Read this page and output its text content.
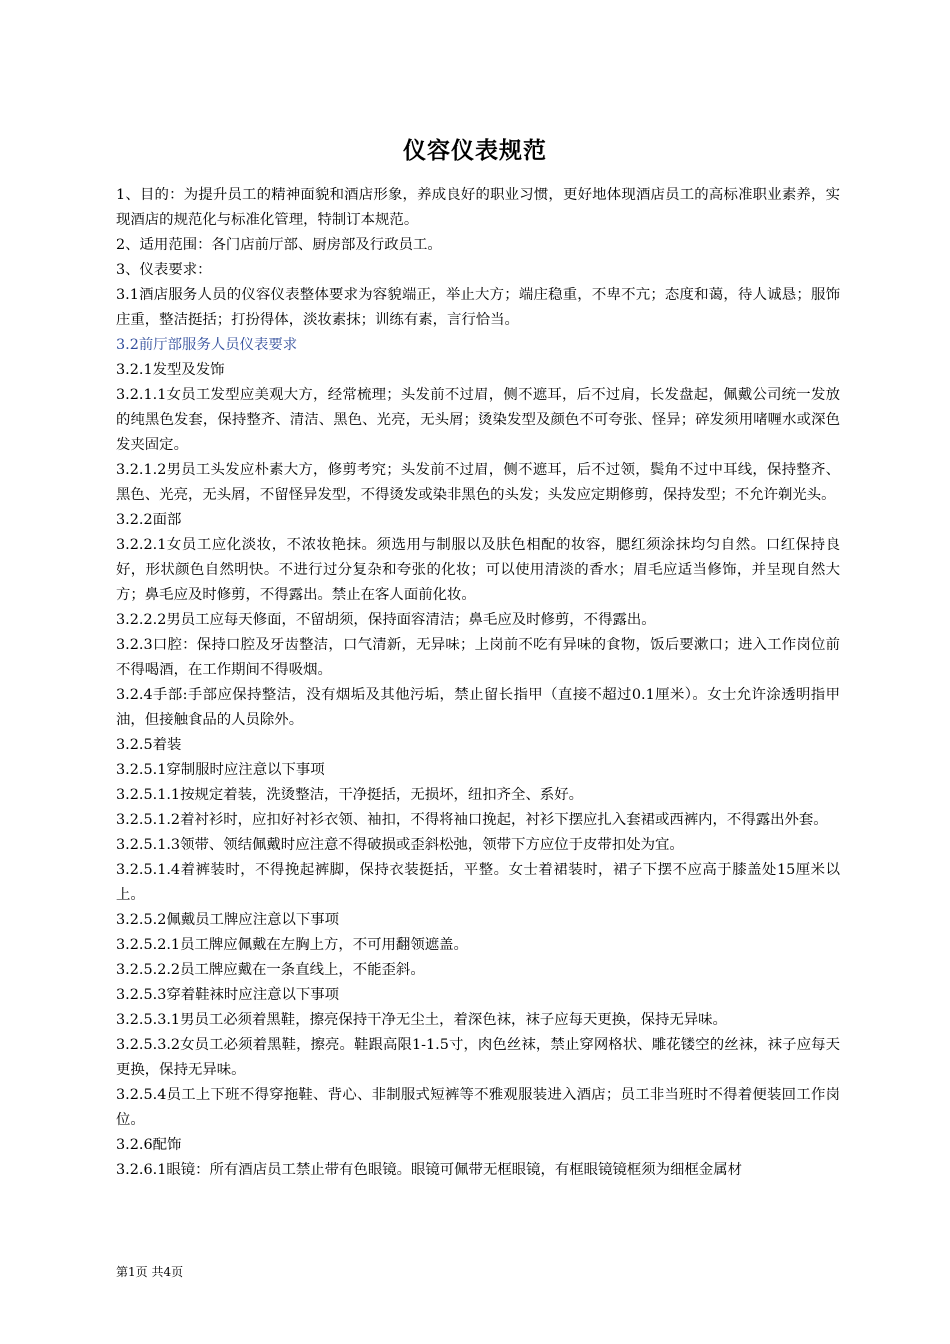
仪容仪表规范

1、目的：为提升员工的精神面貌和酒店形象，养成良好的职业习惯，更好地体现酒店员工的高标准职业素养，实现酒店的规范化与标准化管理，特制订本规范。

2、适用范围：各门店前厅部、厨房部及行政员工。

3、仪表要求：

3.1酒店服务人员的仪容仪表整体要求为容貌端正，举止大方；端庄稳重，不卑不亢；态度和蔼，待人诚恳；服饰庄重，整洁挺括；打扮得体，淡妆素抹；训练有素，言行恰当。

3.2前厅部服务人员仪表要求

3.2.1发型及发饰

3.2.1.1女员工发型应美观大方，经常梳理；头发前不过眉，侧不遮耳，后不过肩，长发盘起，佩戴公司统一发放的纯黑色发套，保持整齐、清洁、黑色、光亮，无头屑；烫染发型及颜色不可夸张、怪异；碎发须用啫喱水或深色发夹固定。

3.2.1.2男员工头发应朴素大方，修剪考究；头发前不过眉，侧不遮耳，后不过领，鬓角不过中耳线，保持整齐、黑色、光亮，无头屑，不留怪异发型，不得烫发或染非黑色的头发；头发应定期修剪，保持发型；不允许剃光头。

3.2.2面部

3.2.2.1女员工应化淡妆，不浓妆艳抹。须选用与制服以及肤色相配的妆容，腮红须涂抹均匀自然。口红保持良好，形状颜色自然明快。不进行过分复杂和夸张的化妆；可以使用清淡的香水；眉毛应适当修饰，并呈现自然大方；鼻毛应及时修剪，不得露出。禁止在客人面前化妆。

3.2.2.2男员工应每天修面，不留胡须，保持面容清洁；鼻毛应及时修剪，不得露出。

3.2.3口腔：保持口腔及牙齿整洁，口气清新，无异味；上岗前不吃有异味的食物，饭后要漱口；进入工作岗位前不得喝酒，在工作期间不得吸烟。

3.2.4手部:手部应保持整洁，没有烟垢及其他污垢，禁止留长指甲（直接不超过0.1厘米）。女士允许涂透明指甲油，但接触食品的人员除外。

3.2.5着装

3.2.5.1穿制服时应注意以下事项

3.2.5.1.1按规定着装，洗烫整洁，干净挺括，无损坏，纽扣齐全、系好。

3.2.5.1.2着衬衫时，应扣好衬衫衣领、袖扣，不得将袖口挽起，衬衫下摆应扎入套裙或西裤内，不得露出外套。

3.2.5.1.3领带、领结佩戴时应注意不得破损或歪斜松弛，领带下方应位于皮带扣处为宜。

3.2.5.1.4着裤装时，不得挽起裤脚，保持衣装挺括，平整。女士着裙装时，裙子下摆不应高于膝盖处15厘米以上。

3.2.5.2佩戴员工牌应注意以下事项

3.2.5.2.1员工牌应佩戴在左胸上方，不可用翻领遮盖。

3.2.5.2.2员工牌应戴在一条直线上，不能歪斜。

3.2.5.3穿着鞋袜时应注意以下事项

3.2.5.3.1男员工必须着黑鞋，擦亮保持干净无尘土，着深色袜，袜子应每天更换，保持无异味。

3.2.5.3.2女员工必须着黑鞋，擦亮。鞋跟高限1-1.5寸，肉色丝袜，禁止穿网格状、雕花镂空的丝袜，袜子应每天更换，保持无异味。

3.2.5.4员工上下班不得穿拖鞋、背心、非制服式短裤等不雅观服装进入酒店；员工非当班时不得着便装回工作岗位。

3.2.6配饰

3.2.6.1眼镜：所有酒店员工禁止带有色眼镜。眼镜可佩带无框眼镜，有框眼镜镜框须为细框金属材

第1页 共4页
